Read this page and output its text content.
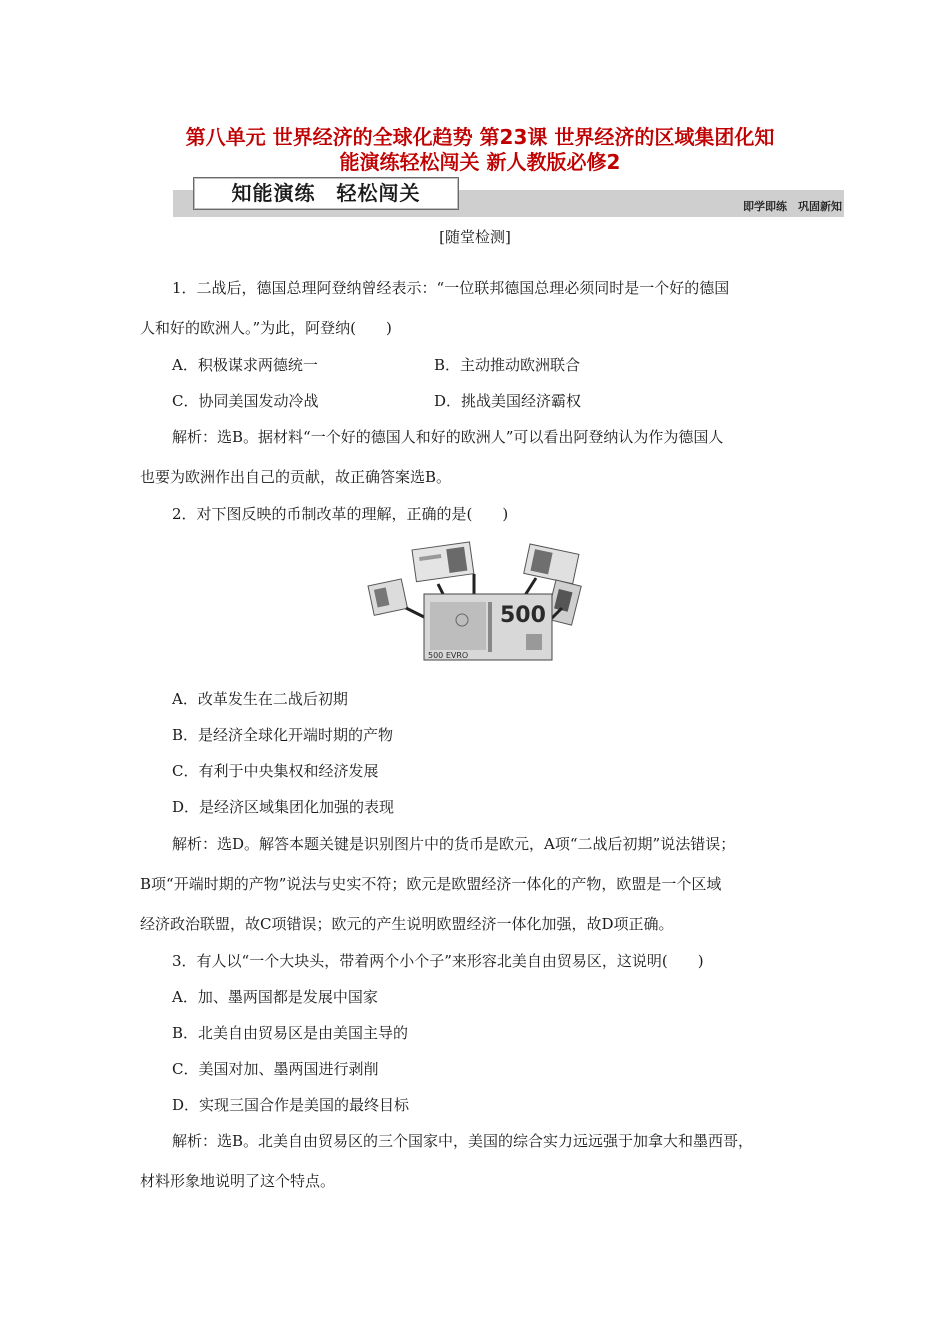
第八单元 世界经济的全球化趋势 第23课 世界经济的区域集团化知
能演练轻松闯关 新人教版必修2
知能演练　轻松闯关
即学即练　巩固新知
[随堂检测]
1．二战后，德国总理阿登纳曾经表示：“一位联邦德国总理必须同时是一个好的德国
人和好的欧洲人。”为此，阿登纳(　　)
A．积极谋求两德统一	B．主动推动欧洲联合
C．协同美国发动冷战	D．挑战美国经济霸权
解析：选B。据材料“一个好的德国人和好的欧洲人”可以看出阿登纳认为作为德国人
也要为欧洲作出自己的贡献，故正确答案选B。
2．对下图反映的币制改革的理解，正确的是(　　)
500
500 EVRO
A．改革发生在二战后初期
B．是经济全球化开端时期的产物
C．有利于中央集权和经济发展
D．是经济区域集团化加强的表现
解析：选D。解答本题关键是识别图片中的货币是欧元，A项“二战后初期”说法错误；
B项“开端时期的产物”说法与史实不符；欧元是欧盟经济一体化的产物，欧盟是一个区域
经济政治联盟，故C项错误；欧元的产生说明欧盟经济一体化加强，故D项正确。
3．有人以“一个大块头，带着两个小个子”来形容北美自由贸易区，这说明(　　)
A．加、墨两国都是发展中国家
B．北美自由贸易区是由美国主导的
C．美国对加、墨两国进行剥削
D．实现三国合作是美国的最终目标
解析：选B。北美自由贸易区的三个国家中，美国的综合实力远远强于加拿大和墨西哥，
材料形象地说明了这个特点。
